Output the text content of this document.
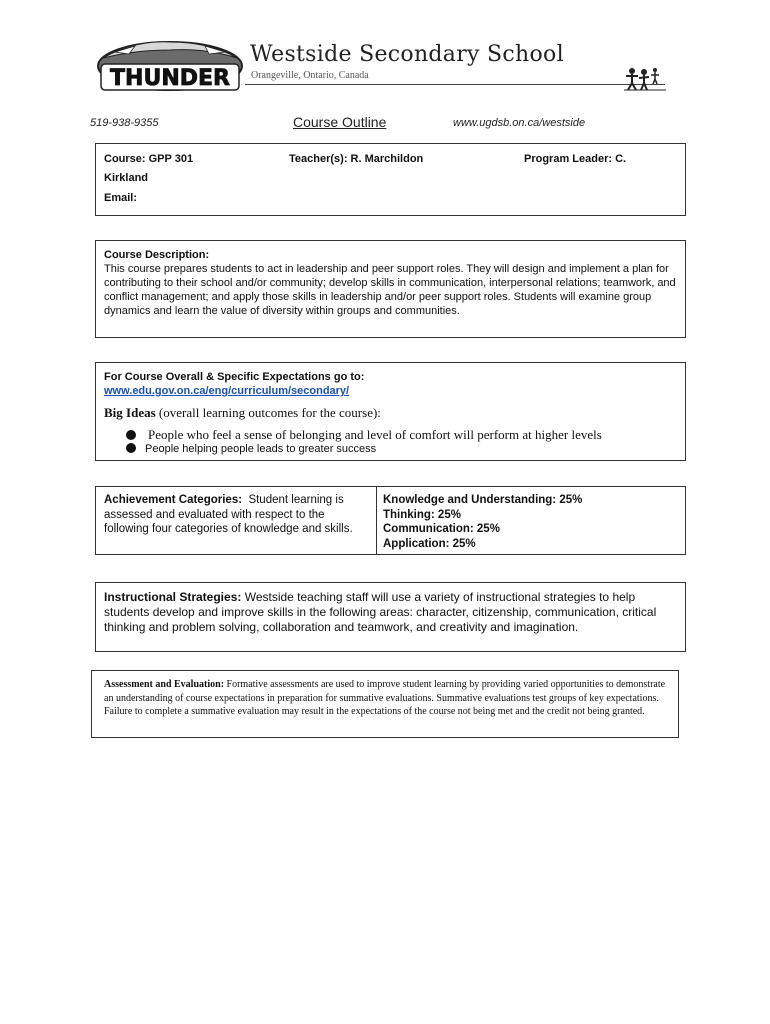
THUNDER
Westside Secondary School
Orangeville, Ontario, Canada
519-938-9355	Course Outline	www.ugdsb.on.ca/westside
Course: GPP 301	Teacher(s): R. Marchildon	Program Leader: C.
Kirkland
Email:
Course Description:
This course prepares students to act in leadership and peer support roles. They will design and implement a plan for contributing to their school and/or community; develop skills in communication, interpersonal relations; teamwork, and conflict management; and apply those skills in leadership and/or peer support roles. Students will examine group dynamics and learn the value of diversity within groups and communities.
For Course Overall & Specific Expectations go to:
www.edu.gov.on.ca/eng/curriculum/secondary/
Big Ideas (overall learning outcomes for the course):
People who feel a sense of belonging and level of comfort will perform at higher levels
People helping people leads to greater success
Achievement Categories: Student learning is assessed and evaluated with respect to the following four categories of knowledge and skills.
Knowledge and Understanding: 25%
Thinking: 25%
Communication: 25%
Application: 25%
Instructional Strategies: Westside teaching staff will use a variety of instructional strategies to help students develop and improve skills in the following areas: character, citizenship, communication, critical thinking and problem solving, collaboration and teamwork, and creativity and imagination.
Assessment and Evaluation: Formative assessments are used to improve student learning by providing varied opportunities to demonstrate an understanding of course expectations in preparation for summative evaluations. Summative evaluations test groups of key expectations. Failure to complete a summative evaluation may result in the expectations of the course not being met and the credit not being granted.
